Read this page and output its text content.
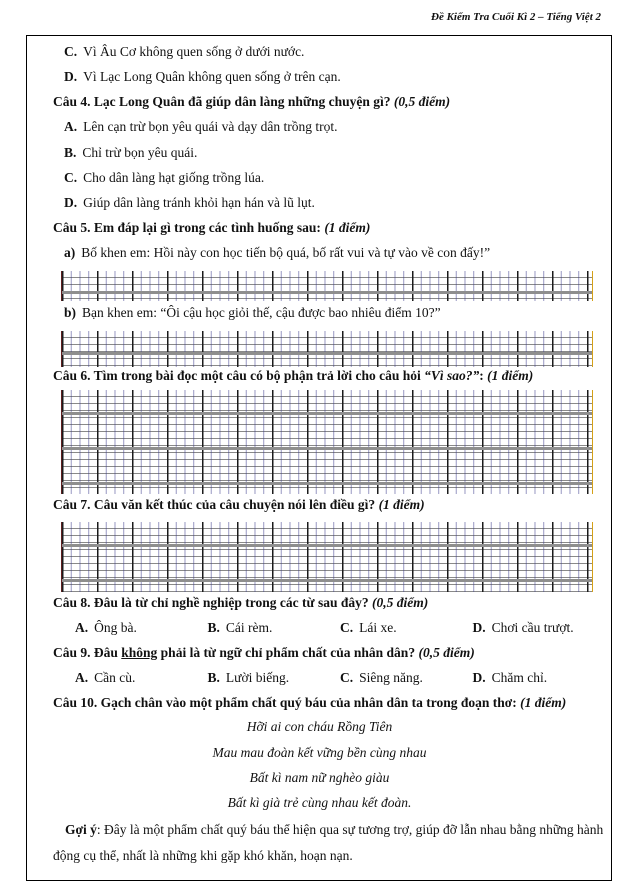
Đề Kiểm Tra Cuối Kì 2 – Tiếng Việt 2
C. Vì Âu Cơ không quen sống ở dưới nước.
D. Vì Lạc Long Quân không quen sống ở trên cạn.
Câu 4. Lạc Long Quân đã giúp dân làng những chuyện gì? (0,5 điểm)
A. Lên cạn trừ bọn yêu quái và dạy dân trồng trọt.
B. Chỉ trừ bọn yêu quái.
C. Cho dân làng hạt giống trồng lúa.
D. Giúp dân làng tránh khỏi hạn hán và lũ lụt.
Câu 5. Em đáp lại gì trong các tình huống sau: (1 điểm)
a) Bố khen em: Hồi này con học tiến bộ quá, bố rất vui và tự vào về con đấy!”
b) Bạn khen em: “Ôi cậu học giỏi thế, cậu được bao nhiêu điểm 10?”
Câu 6. Tìm trong bài đọc một câu có bộ phận trả lời cho câu hỏi “Vì sao?”: (1 điểm)
Câu 7. Câu văn kết thúc của câu chuyện nói lên điều gì? (1 điểm)
Câu 8. Đâu là từ chỉ nghề nghiệp trong các từ sau đây? (0,5 điểm)
A. Ông bà.	B. Cái rèm.	C. Lái xe.	D. Chơi cầu trượt.
Câu 9. Đâu không phải là từ ngữ chỉ phẩm chất của nhân dân? (0,5 điểm)
A. Cần cù.	B. Lười biếng.	C. Siêng năng.	D. Chăm chỉ.
Câu 10. Gạch chân vào một phẩm chất quý báu của nhân dân ta trong đoạn thơ: (1 điểm)
Hỡi ai con cháu Rồng Tiên
Mau mau đoàn kết vững bền cùng nhau
Bất kì nam nữ nghèo giàu
Bất kì già trẻ cùng nhau kết đoàn.
Gợi ý: Đây là một phẩm chất quý báu thể hiện qua sự tương trợ, giúp đỡ lẫn nhau bằng những hành động cụ thể, nhất là những khi gặp khó khăn, hoạn nạn.
